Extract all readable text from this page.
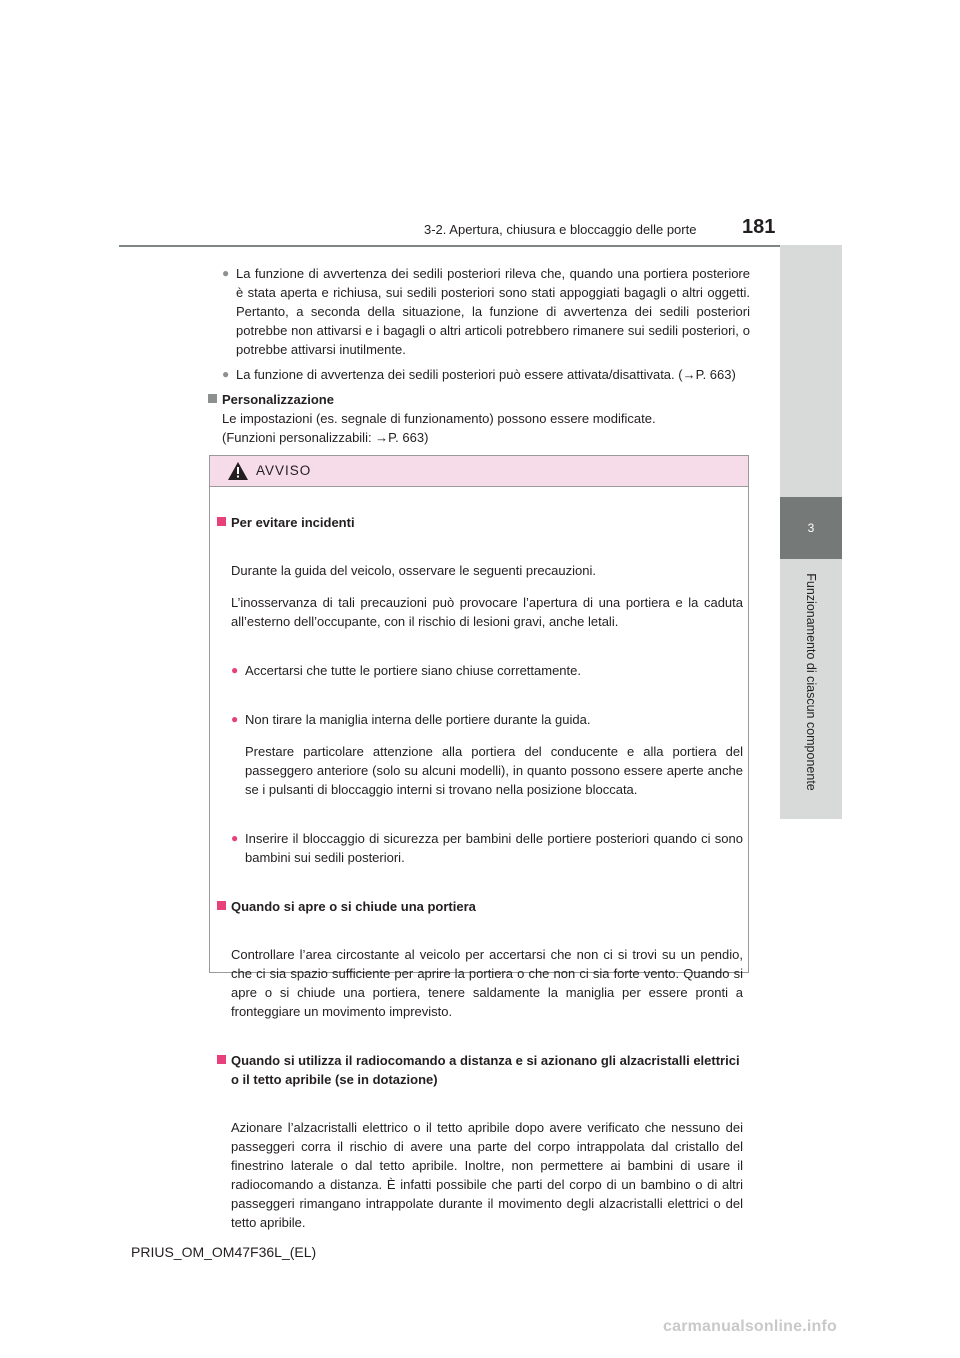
3-2. Apertura, chiusura e bloccaggio delle porte 181
3
Funzionamento di ciascun componente

● La funzione di avvertenza dei sedili posteriori rileva che, quando una portiera posteriore è stata aperta e richiusa, sui sedili posteriori sono stati appoggiati bagagli o altri oggetti. Pertanto, a seconda della situazione, la funzione di avvertenza dei sedili posteriori potrebbe non attivarsi e i bagagli o altri articoli potrebbero rimanere sui sedili posteriori, o potrebbe attivarsi inutilmente.

● La funzione di avvertenza dei sedili posteriori può essere attivata/disattivata. (→P. 663)

Personalizzazione

Le impostazioni (es. segnale di funzionamento) possono essere modificate.

(Funzioni personalizzabili: →P. 663)

AVVISO

Per evitare incidenti

Durante la guida del veicolo, osservare le seguenti precauzioni.

L’inosservanza di tali precauzioni può provocare l’apertura di una portiera e la caduta all’esterno dell’occupante, con il rischio di lesioni gravi, anche letali.

● Accertarsi che tutte le portiere siano chiuse correttamente.

● Non tirare la maniglia interna delle portiere durante la guida.

Prestare particolare attenzione alla portiera del conducente e alla portiera del passeggero anteriore (solo su alcuni modelli), in quanto possono essere aperte anche se i pulsanti di bloccaggio interni si trovano nella posizione bloccata.

● Inserire il bloccaggio di sicurezza per bambini delle portiere posteriori quando ci sono bambini sui sedili posteriori.

Quando si apre o si chiude una portiera

Controllare l’area circostante al veicolo per accertarsi che non ci si trovi su un pendio, che ci sia spazio sufficiente per aprire la portiera o che non ci sia forte vento. Quando si apre o si chiude una portiera, tenere saldamente la maniglia per essere pronti a fronteggiare un movimento imprevisto.

Quando si utilizza il radiocomando a distanza e si azionano gli alzacristalli elettrici o il tetto apribile (se in dotazione)

Azionare l’alzacristalli elettrico o il tetto apribile dopo avere verificato che nessuno dei passeggeri corra il rischio di avere una parte del corpo intrappolata dal cristallo del finestrino laterale o dal tetto apribile. Inoltre, non permettere ai bambini di usare il radiocomando a distanza. È infatti possibile che parti del corpo di un bambino o di altri passeggeri rimangano intrappolate durante il movimento degli alzacristalli elettrici o del tetto apribile.

PRIUS_OM_OM47F36L_(EL)
carmanualsonline.info
